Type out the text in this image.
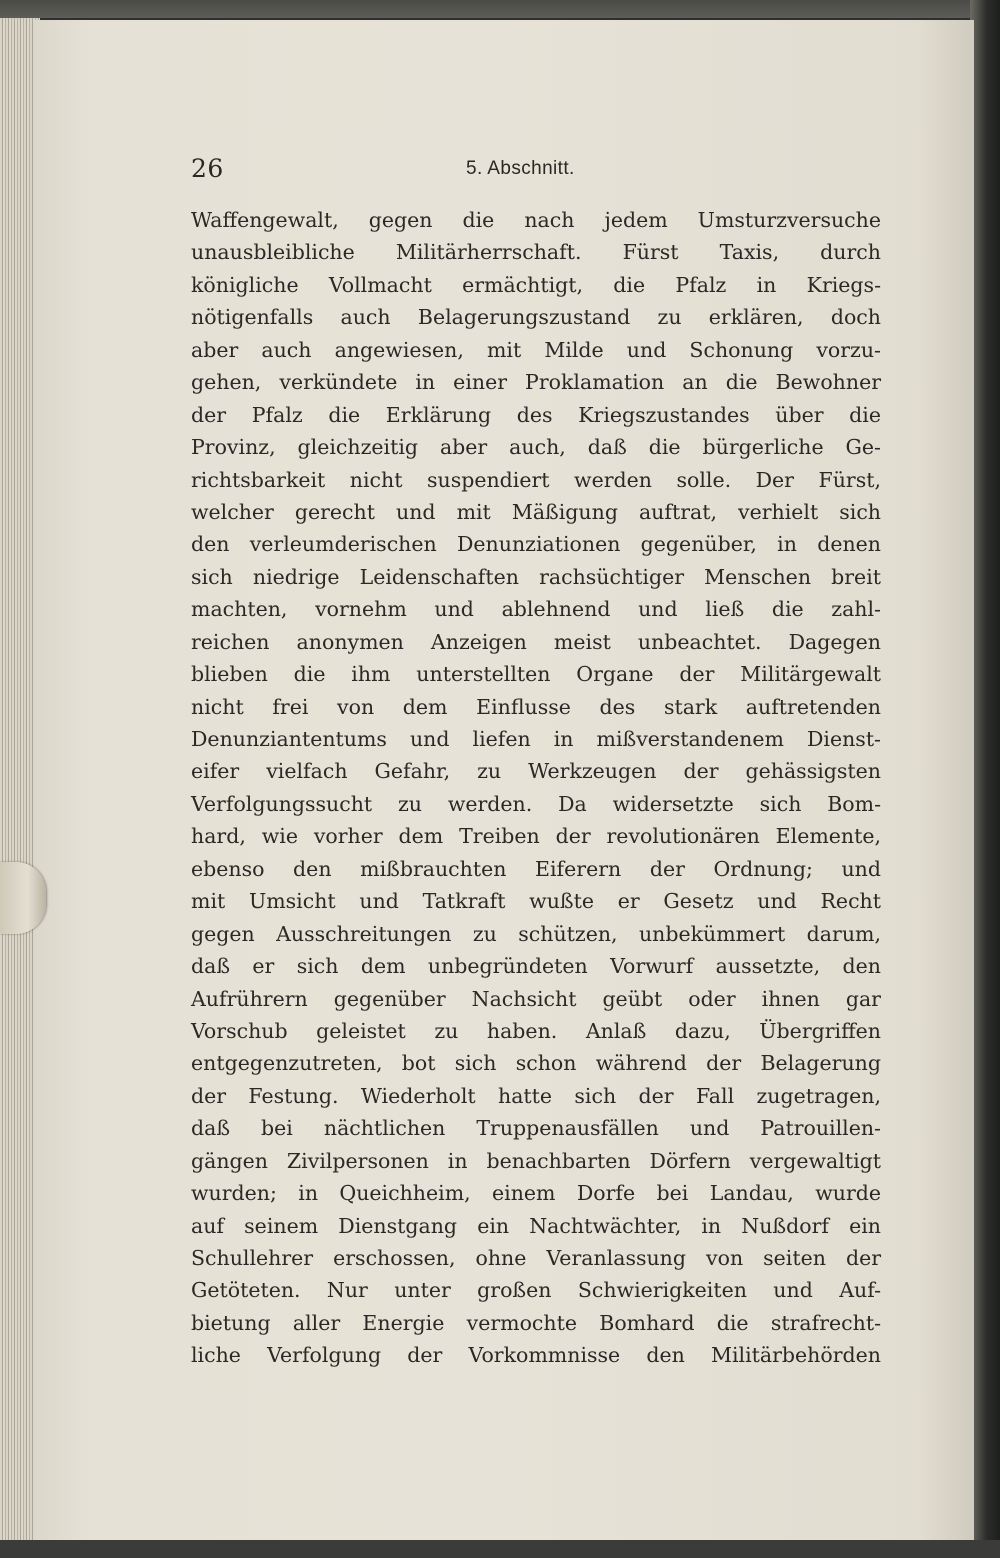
26	5. Abschnitt.
Waffengewalt, gegen die nach jedem Umsturzversuche
unausbleibliche Militärherrschaft. Fürst Taxis, durch
königliche Vollmacht ermächtigt, die Pfalz in Kriegs-
nötigenfalls auch Belagerungszustand zu erklären, doch
aber auch angewiesen, mit Milde und Schonung vorzu-
gehen, verkündete in einer Proklamation an die Bewohner
der Pfalz die Erklärung des Kriegszustandes über die
Provinz, gleichzeitig aber auch, daß die bürgerliche Ge-
richtsbarkeit nicht suspendiert werden solle. Der Fürst,
welcher gerecht und mit Mäßigung auftrat, verhielt sich
den verleumderischen Denunziationen gegenüber, in denen
sich niedrige Leidenschaften rachsüchtiger Menschen breit
machten, vornehm und ablehnend und ließ die zahl-
reichen anonymen Anzeigen meist unbeachtet. Dagegen
blieben die ihm unterstellten Organe der Militärgewalt
nicht frei von dem Einflusse des stark auftretenden
Denunziantentums und liefen in mißverstandenem Dienst-
eifer vielfach Gefahr, zu Werkzeugen der gehässigsten
Verfolgungssucht zu werden. Da widersetzte sich Bom-
hard, wie vorher dem Treiben der revolutionären Elemente,
ebenso den mißbrauchten Eiferern der Ordnung; und
mit Umsicht und Tatkraft wußte er Gesetz und Recht
gegen Ausschreitungen zu schützen, unbekümmert darum,
daß er sich dem unbegründeten Vorwurf aussetzte, den
Aufrührern gegenüber Nachsicht geübt oder ihnen gar
Vorschub geleistet zu haben. Anlaß dazu, Übergriffen
entgegenzutreten, bot sich schon während der Belagerung
der Festung. Wiederholt hatte sich der Fall zugetragen,
daß bei nächtlichen Truppenausfällen und Patrouillen-
gängen Zivilpersonen in benachbarten Dörfern vergewaltigt
wurden; in Queichheim, einem Dorfe bei Landau, wurde
auf seinem Dienstgang ein Nachtwächter, in Nußdorf ein
Schullehrer erschossen, ohne Veranlassung von seiten der
Getöteten. Nur unter großen Schwierigkeiten und Auf-
bietung aller Energie vermochte Bomhard die strafrecht-
liche Verfolgung der Vorkommnisse den Militärbehörden
